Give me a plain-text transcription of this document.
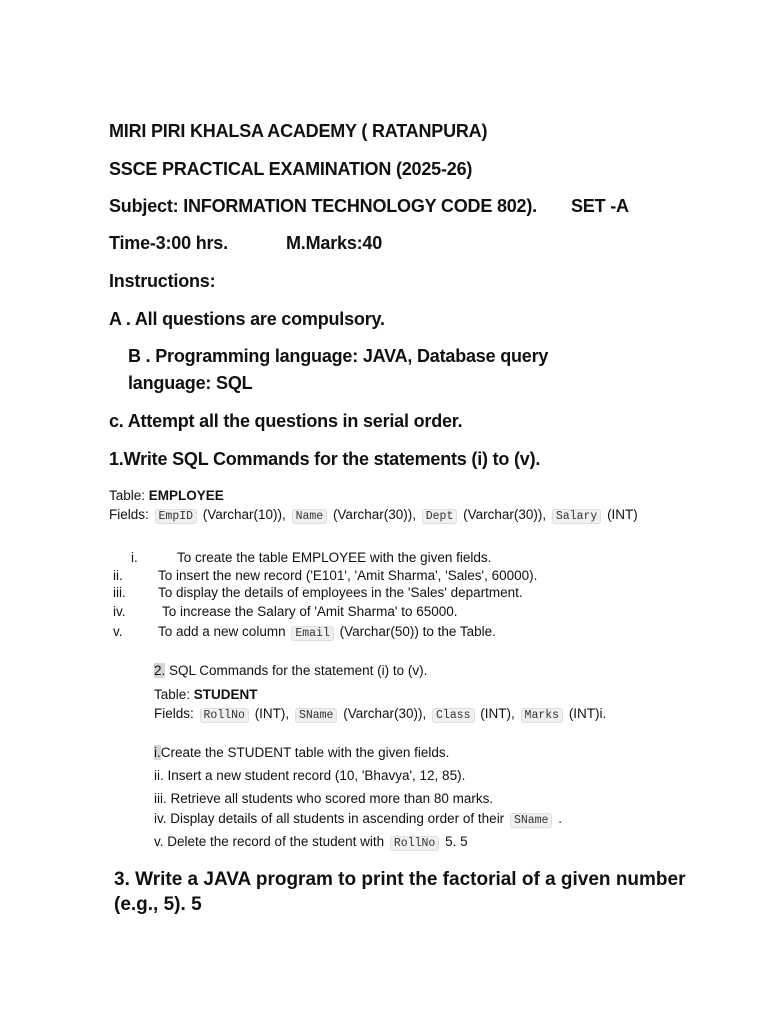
MIRI PIRI KHALSA ACADEMY ( RATANPURA)
SSCE PRACTICAL EXAMINATION (2025-26)
Subject: INFORMATION TECHNOLOGY CODE 802). SET -A
Time-3:00 hrs.	M.Marks:40
Instructions:
A . All questions are compulsory.
B . Programming language: JAVA, Database query
language: SQL
c. Attempt all the questions in serial order.
1.Write SQL Commands for the statements (i) to (v).
Table: EMPLOYEE
Fields: EmpID (Varchar(10)), Name (Varchar(30)), Dept (Varchar(30)), Salary (INT)
i.	To create the table EMPLOYEE with the given fields.
ii.	To insert the new record ('E101', 'Amit Sharma', 'Sales', 60000).
iii. To display the details of employees in the 'Sales' department.
iv.	To increase the Salary of 'Amit Sharma' to 65000.
v.	To add a new column Email (Varchar(50)) to the Table.
2. SQL Commands for the statement (i) to (v).
Table: STUDENT
Fields: RollNo (INT), SName (Varchar(30)), Class (INT), Marks (INT)i.
i.Create the STUDENT table with the given fields.
ii. Insert a new student record (10, 'Bhavya', 12, 85).
iii. Retrieve all students who scored more than 80 marks.
iv. Display details of all students in ascending order of their SName .
v. Delete the record of the student with RollNo 5. 5
3. Write a JAVA program to print the factorial of a given number
(e.g., 5). 5
